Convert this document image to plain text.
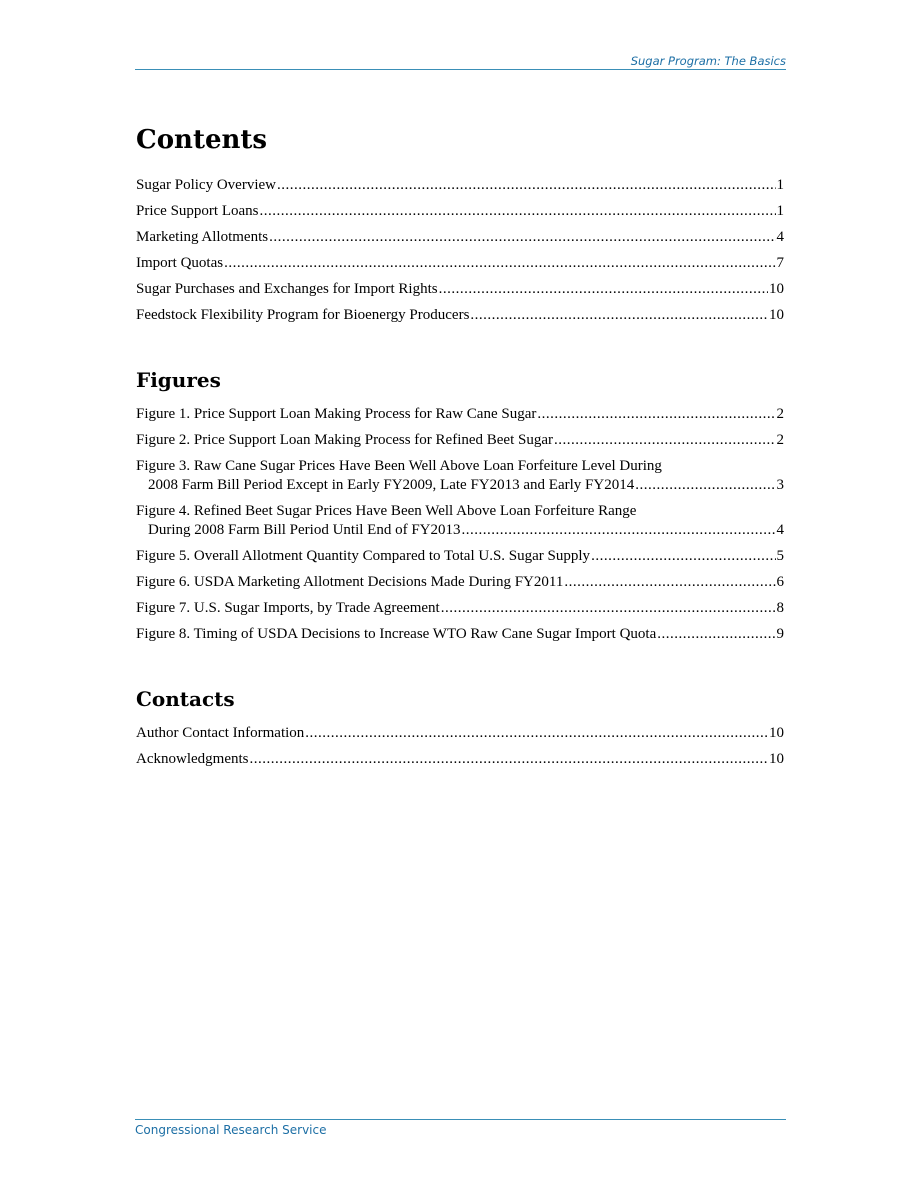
Sugar Program: The Basics
Contents
Sugar Policy Overview .....	1
Price Support Loans .....	1
Marketing Allotments .....	4
Import Quotas .....	7
Sugar Purchases and Exchanges for Import Rights .....	10
Feedstock Flexibility Program for Bioenergy Producers .....	10
Figures
Figure 1. Price Support Loan Making Process for Raw Cane Sugar .....	2
Figure 2. Price Support Loan Making Process for Refined Beet Sugar .....	2
Figure 3. Raw Cane Sugar Prices Have Been Well Above Loan Forfeiture Level During
2008 Farm Bill Period Except in Early FY2009, Late FY2013 and Early FY2014 .....	3
Figure 4. Refined Beet Sugar Prices Have Been Well Above Loan Forfeiture Range
During 2008 Farm Bill Period Until End of FY2013 .....	4
Figure 5. Overall Allotment Quantity Compared to Total U.S. Sugar Supply .....	5
Figure 6. USDA Marketing Allotment Decisions Made During FY2011 .....	6
Figure 7. U.S. Sugar Imports, by Trade Agreement .....	8
Figure 8. Timing of USDA Decisions to Increase WTO Raw Cane Sugar Import Quota .....	9
Contacts
Author Contact Information .....	10
Acknowledgments .....	10
Congressional Research Service
